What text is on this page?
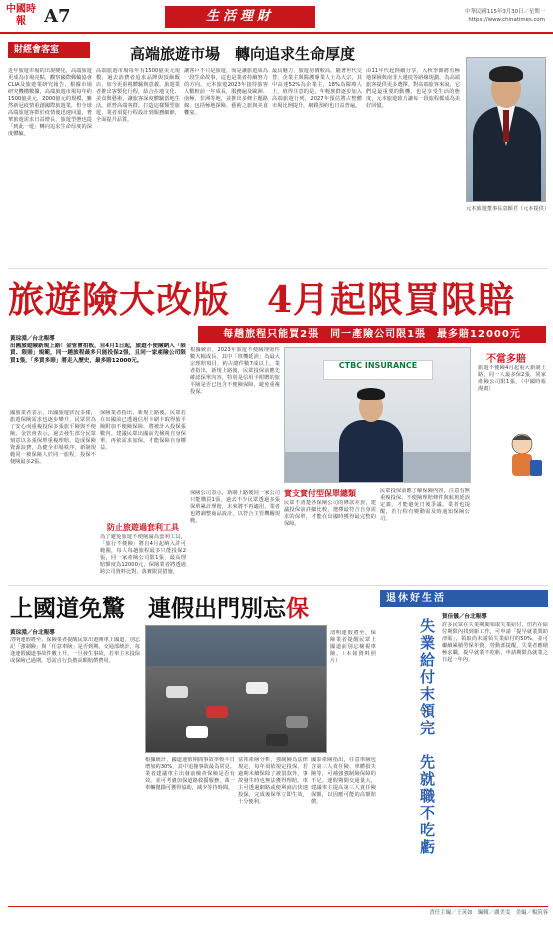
中國時報	A7	生活理財	中華民國115年3月30日／星期一
https://www.chinatimes.com
財經會客室	高端旅遊市場　轉向追求生命厚度
近年旅遊市場的出現變化，高端旅遊更成為市場亮點。觀察國際郵輪協會CLIA及旅遊業研究報告，根據市場研究機構數據，高端旅遊市場每年約1500億美元，2000億元的規模，雖然新冠疫情重創國際旅遊業，但全球高端旅遊客群於疫情後迅速回溫，奢華旅遊需求日益增長，旅遊型態也從「到此一遊」轉向追求生命厚度的深度體驗。
高端旅遊市場每年有1500億美元規模，過去消費者追求品牌與頂級飯店，如今更重視體驗與意義。旅遊業者推出客製化行程，結合在地文化、美食與藝術，讓旅客深度體驗當地生活。經營高端客群，打造這樣類型旅遊，業者須從行程設計到服務細節，全面提升品質。
讓客戶不只是旅遊，而是讓旅遊成為一段生命故事，這也是業者持續努力的方向。元本旅遊2023年接待旅客人數較前一年成長，服務遍及歐洲、南極、非洲等地，並推出多條主題路線，包括極地探險、藝術之旅與美食饗宴。
最具魅力，旅遊房價較高。隨著世代交替，企業主與醫護專業人士為大宗，其中高達52%為企業主，18%為醫療人士，值得注意的是，年輕族群逐步加入高端旅遊行列，2027年預估將占整體市場比例提升，網路預約也日益普遍。
由11年代起陸續分享，入秋季節將有極地探險與南非大遷徙等路線規劃，為高端旅客提供更多選擇。對高端旅客來說，它們是最重要的動機，也是享受生活的態度，元本旅遊致力讓每一段旅程都成為美好回憶。
元本旅遊董事長袁穎君（元本提供）
旅遊險大改版　4月起限買限賠
每趟旅程只能買2張　同一產險公司限1張　最多賠12000元
黃琮淵／台北報導
出國旅遊險新規上路！金管會拍板，自4月1日起，旅遊不便險納入「限買、限賠」規範，同一趟旅程最多只能投保2張，且同一家產險公司限買1張，「多買多賠」將走入歷史，最多賠12000元。
根據統計，2023年旅遊不便險理賠件數大幅成長，其中「班機延誤」為最大宗理賠項目，約占總件數7成以上。業者指出，新規上路後，民眾投保前應先確認保單內容，特別是信用卡附贈的旅平險是否已包含不便險保障，避免重複投保。
國旅業者表示，出國旅遊狀況多樣，旅遊保險需求也逐步攀升，民眾常為了安心而重複投保多張旅平險與不便險。金管會表示，過去發生部分民眾刻意以多張保單重複理賠，造成保險資源浪費，為健全市場秩序，新制規範同一被保險人於同一旅程，投保不便險最多2張。
保險業者指出，新規上路後，民眾若在出國前已透過信用卡刷卡取得旅平險附加不便險保障，將被計入投保張數內。建議民眾出國前先檢視自身保單，再依需求加保，才能保障自身權益。
防止旅遊過套利工具
為了避免旅遊不便險淪為套利工具，「旅行不便險」將自4月起納入許可範圍，每人每趟旅程最多只能投保2張，同一家產險公司限1張，最高理賠額度為12000元，保險業者將透過跨公司資料比對，落實限買措施。
保險公司表示，新制上路後同一家公司只能購買1張，過去不少民眾透過多張保單累計理賠，未來將不再適用，業者也將調整商品設計，以符合主管機關規範。
CTBC INSURANCE
實支實付型保單總類
民眾不清楚各保險公司的條款差異，建議投保前詳細比較，選擇最符合自身需求的保單，才能在出國時獲得最完整的保障。
民眾投保前應了解保險內容，注意有無重複投保、不便險理賠條件與航班延誤定義，才能避免日後爭議。業者也提醒，若行程有變動需及時通知保險公司。
不當多賠
旅遊不便險4月起重大新制上路，同一人最多保2張，同家產險公司限1張。（中國時報漫畫）
上國道免驚　連假出門別忘保
黃琮淵／台北報導
清明連假將至，保險業者提醒民眾出遊開車上國道，別忘記「強制險」與「任意車險」是否到期。交通部統計，每逢連假國道事故件數上升，一旦發生事故，若車主未投保或保險已過期，恐需自行負擔高額賠償費用。
清明連假將至，保險業者提醒民眾上國道前別忘檢視車險。（本報資料照片）
根據統計，國道連假期間事故率較平日增加約30%，其中追撞事故最為常見。業者建議車主出發前檢查保險是否有效，並可考慮加保道路救援服務，萬一車輛拋錨可獲得協助，減少等待時間。
富邦產險分析，強制險為法律規定，每年須依規定投保，若過期未續保除了被罰款外，事故發生時也無法獲得理賠。車主可透過網路或便利商店快速投保，完成後保單立即生效，十分便利。
國泰產險指出，任意車險包含第三人責任險、車體損失險等，可補強強制險保障的不足。連假期間交通量大，建議車主提高第三人責任險保額，以因應可能的高額賠償。
退休好生活
失業給付末領完　先就職不吃虧
賀佳儀／台北報導
許多民眾在失業期間領取失業給付，但若在給付期限內找到新工作，可申請「提早就業獎助津貼」，領取尚未請領失業給付的50%，並可繼續累積勞保年資。勞動部提醒，失業者應積極求職，提早就業不吃虧，申請期限為就業之日起一年內。
責任主編／王英如　編輯／盧美雯　美編／楊筑蓉
